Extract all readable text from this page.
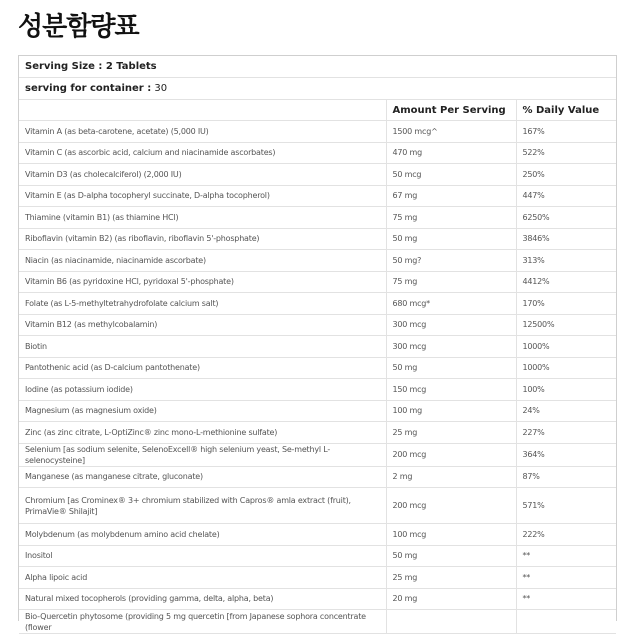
성분함량표
Serving Size : 2 Tablets
serving for container : 30
	Amount Per Serving	% Daily Value
Vitamin A (as beta-carotene, acetate) (5,000 IU)	1500 mcg^	167%
Vitamin C (as ascorbic acid, calcium and niacinamide ascorbates)	470 mg	522%
Vitamin D3 (as cholecalciferol) (2,000 IU)	50 mcg	250%
Vitamin E (as D-alpha tocopheryl succinate, D-alpha tocopherol)	67 mg	447%
Thiamine (vitamin B1) (as thiamine HCl)	75 mg	6250%
Riboflavin (vitamin B2) (as riboflavin, riboflavin 5'-phosphate)	50 mg	3846%
Niacin (as niacinamide, niacinamide ascorbate)	50 mg?	313%
Vitamin B6 (as pyridoxine HCl, pyridoxal 5'-phosphate)	75 mg	4412%
Folate (as L-5-methyltetrahydrofolate calcium salt)	680 mcg*	170%
Vitamin B12 (as methylcobalamin)	300 mcg	12500%
Biotin	300 mcg	1000%
Pantothenic acid (as D-calcium pantothenate)	50 mg	1000%
Iodine (as potassium iodide)	150 mcg	100%
Magnesium (as magnesium oxide)	100 mg	24%
Zinc (as zinc citrate, L-OptiZinc® zinc mono-L-methionine sulfate)	25 mg	227%
Selenium [as sodium selenite, SelenoExcell® high selenium yeast, Se-methyl L-selenocysteine]	200 mcg	364%
Manganese (as manganese citrate, gluconate)	2 mg	87%
Chromium [as Crominex® 3+ chromium stabilized with Capros® amla extract (fruit), PrimaVie® Shilajit]	200 mcg	571%
Molybdenum (as molybdenum amino acid chelate)	100 mcg	222%
Inositol	50 mg	**
Alpha lipoic acid	25 mg	**
Natural mixed tocopherols (providing gamma, delta, alpha, beta)	20 mg	**
Bio-Quercetin phytosome (providing 5 mg quercetin [from Japanese sophora concentrate (flower		
